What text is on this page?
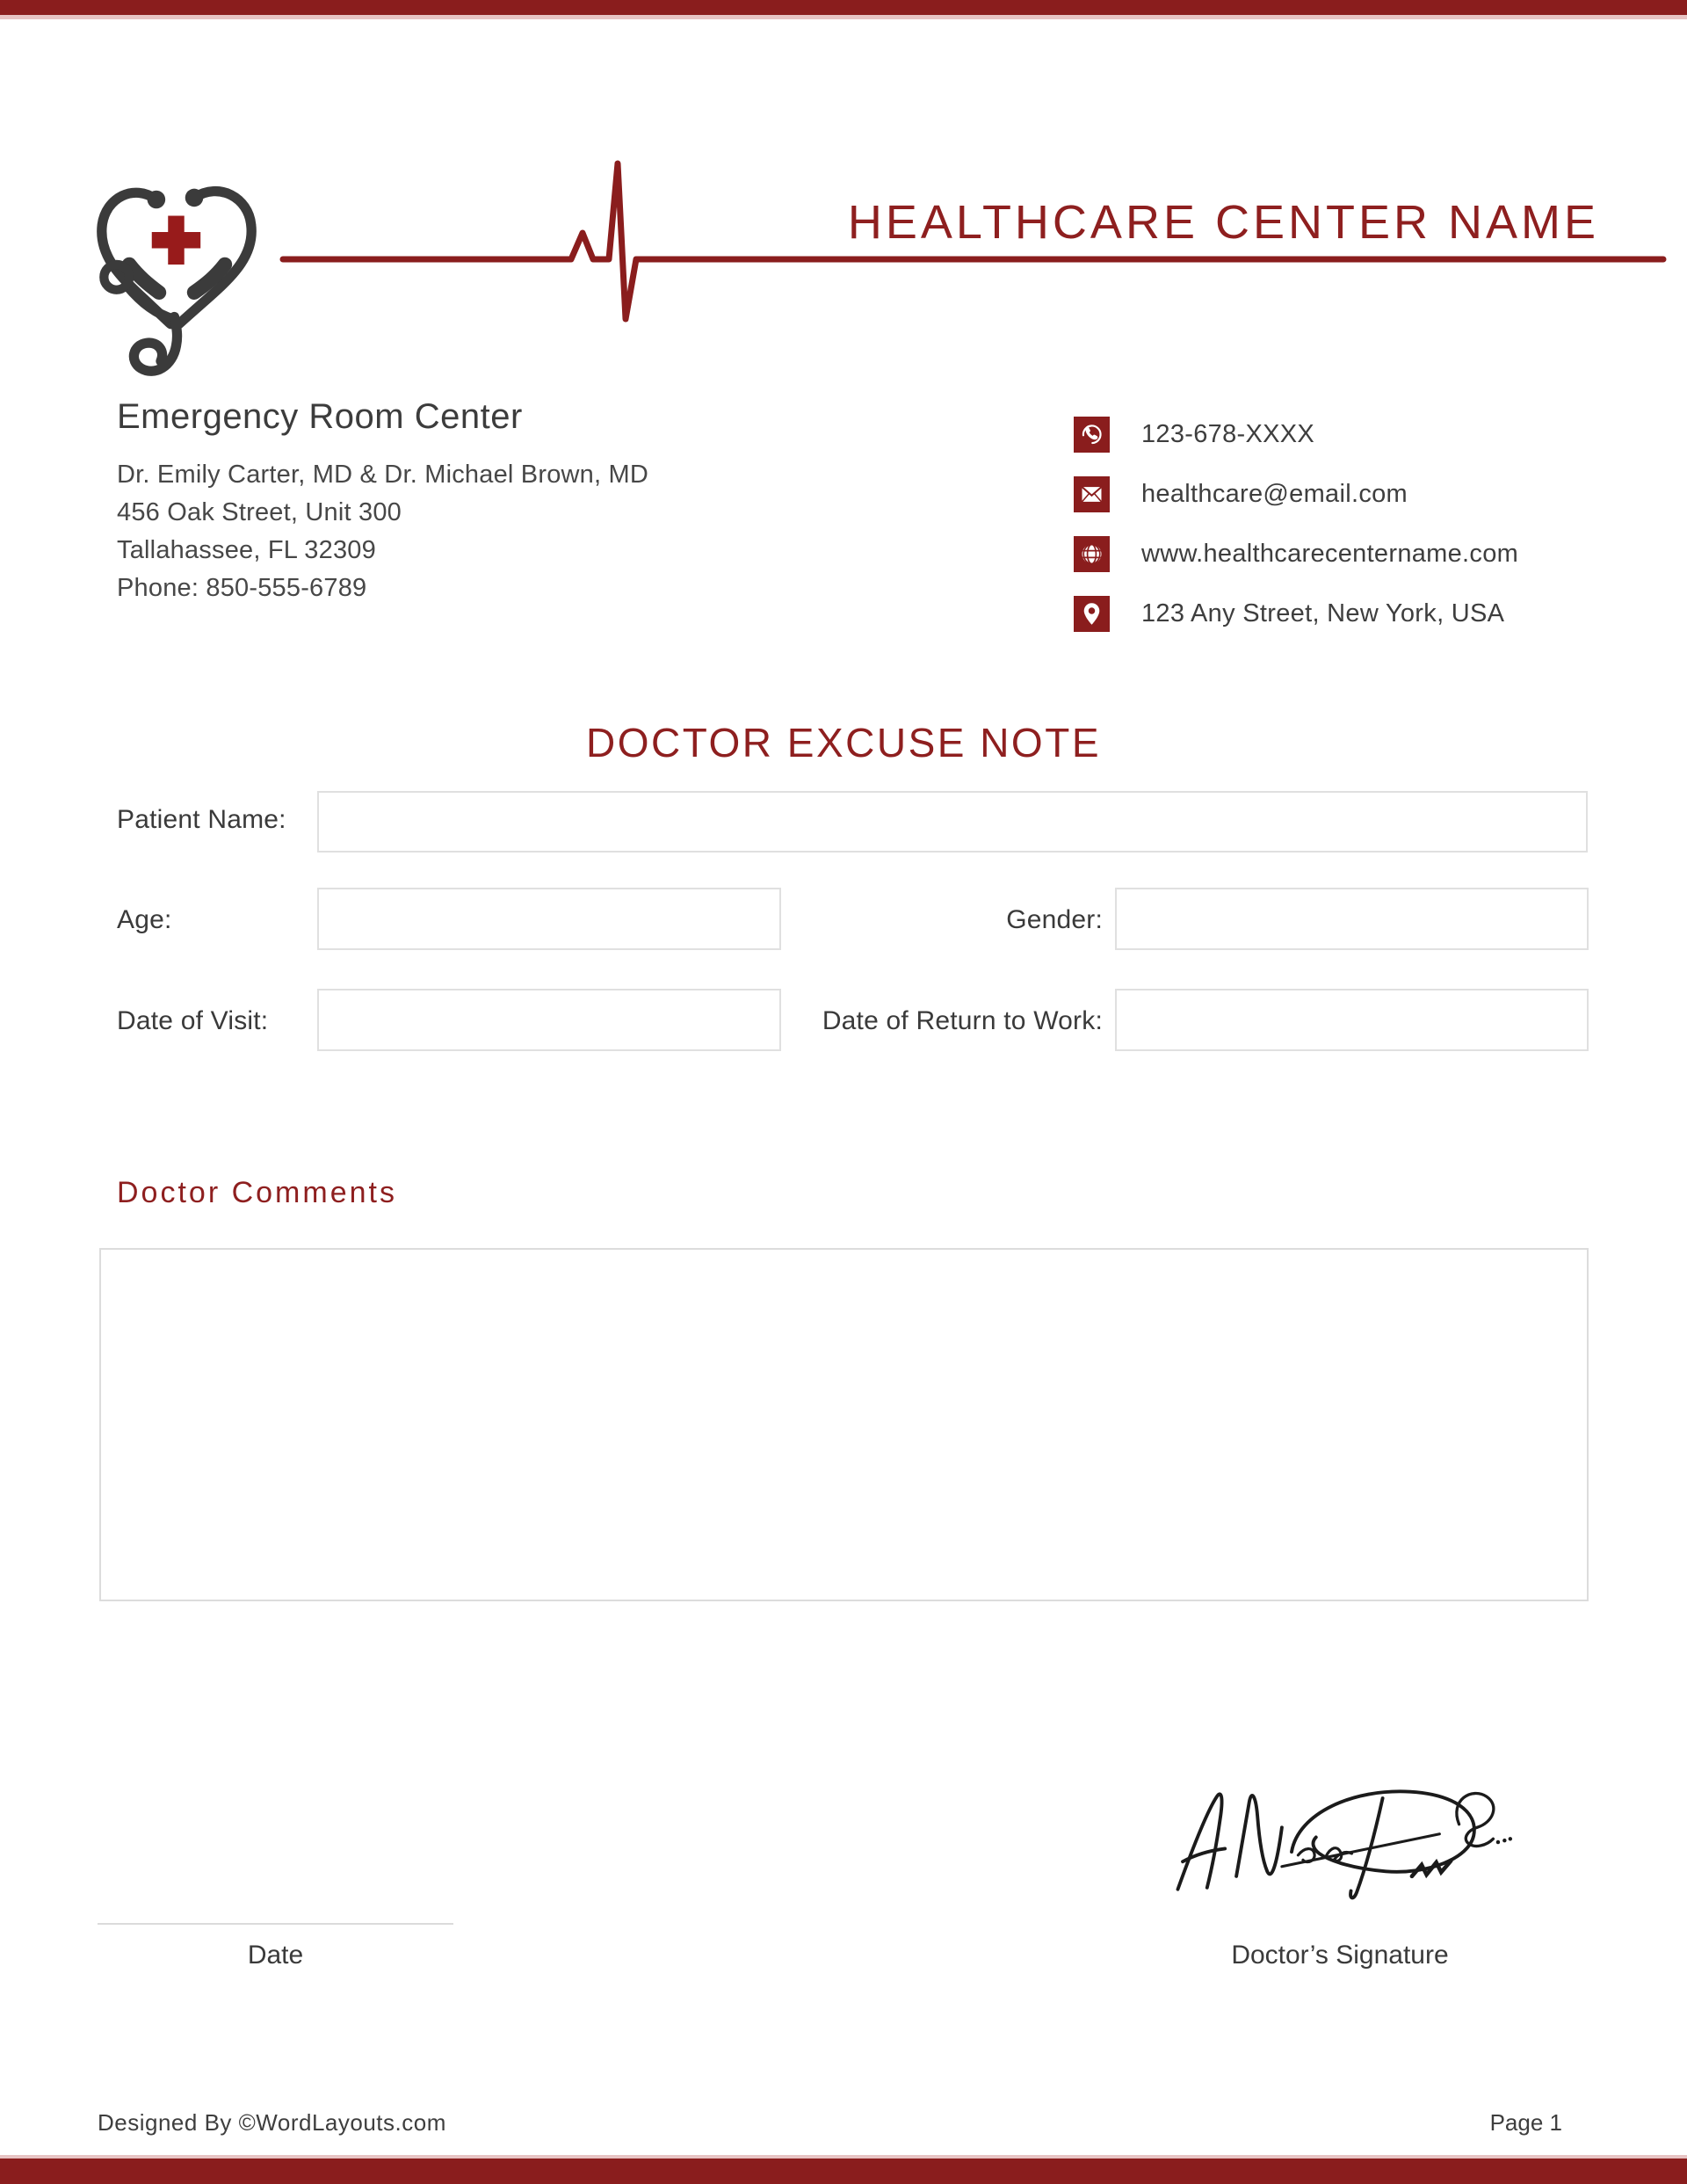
HEALTHCARE CENTER NAME
Emergency Room Center
Dr. Emily Carter, MD & Dr. Michael Brown, MD
456 Oak Street, Unit 300
Tallahassee, FL 32309
Phone: 850-555-6789
123-678-XXXX
healthcare@email.com
www.healthcarecentername.com
123 Any Street, New York, USA
DOCTOR EXCUSE NOTE
Patient Name:
Age:	Gender:
Date of Visit:	Date of Return to Work:
Doctor Comments
Date	Doctor’s Signature
Designed By ©WordLayouts.com	Page 1
